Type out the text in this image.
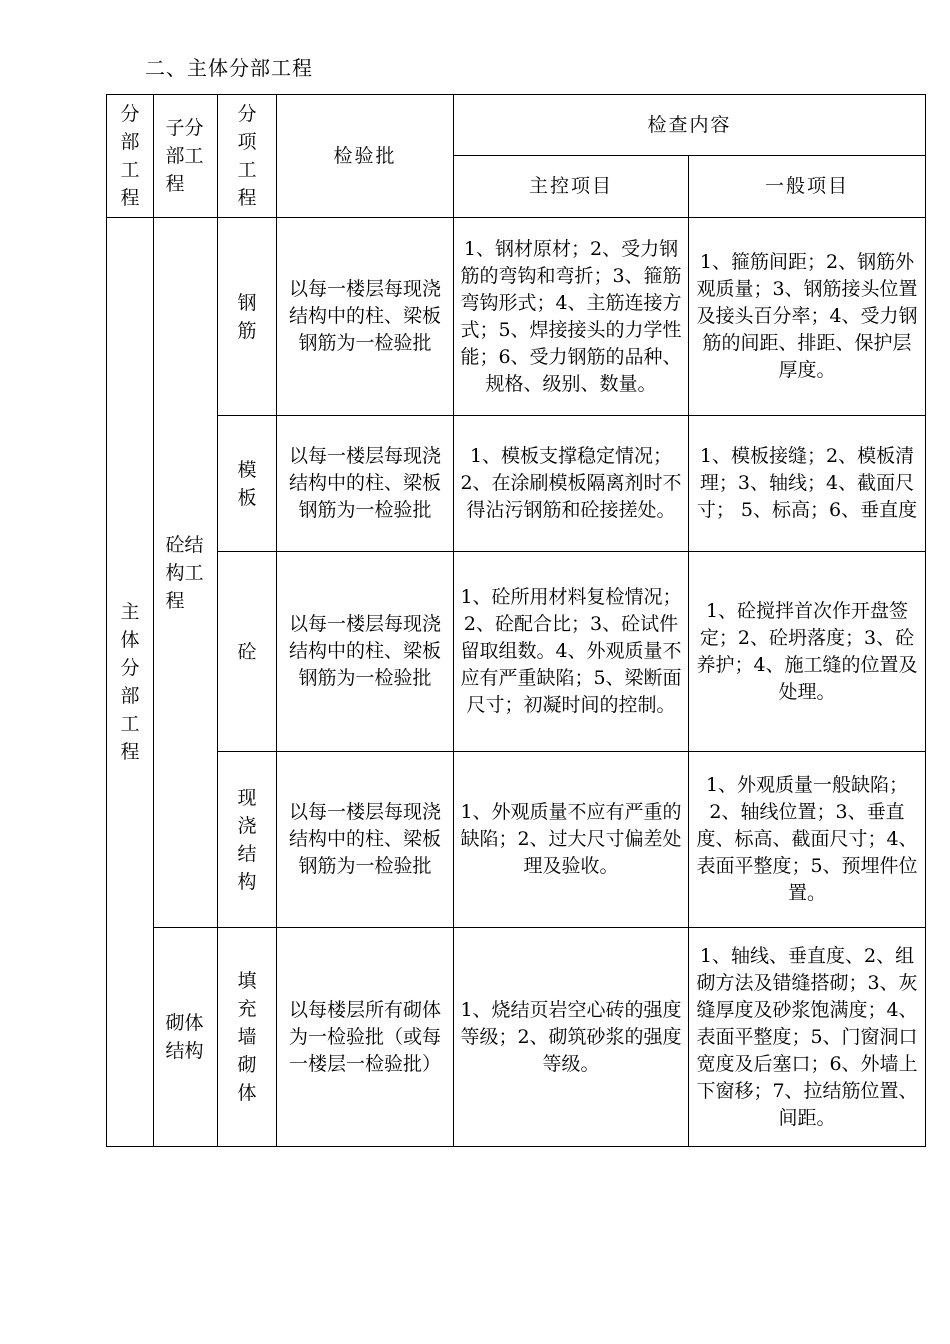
二、主体分部工程
分部工程	子分部工程	分项工程	检验批	检查内容	
				主控项目	一般项目
主体分部工程	砼结构工程	钢筋	以每一楼层每现浇结构中的柱、梁板钢筋为一检验批	1、钢材原材；2、受力钢筋的弯钩和弯折；3、箍筋弯钩形式；4、主筋连接方式；5、焊接接头的力学性能；6、受力钢筋的品种、规格、级别、数量。	1、箍筋间距；2、钢筋外观质量；3、钢筋接头位置及接头百分率；4、受力钢筋的间距、排距、保护层厚度。
		模板	以每一楼层每现浇结构中的柱、梁板钢筋为一检验批	1、模板支撑稳定情况；2、在涂刷模板隔离剂时不得沾污钢筋和砼接搓处。	1、模板接缝；2、模板清理；3、轴线；4、截面尺寸； 5、标高；6、垂直度
		砼	以每一楼层每现浇结构中的柱、梁板钢筋为一检验批	1、砼所用材料复检情况；2、砼配合比；3、砼试件留取组数。4、外观质量不应有严重缺陷；5、梁断面尺寸；初凝时间的控制。	1、砼搅拌首次作开盘签定；2、砼坍落度；3、砼养护；4、施工缝的位置及处理。
		现浇结构	以每一楼层每现浇结构中的柱、梁板钢筋为一检验批	1、外观质量不应有严重的缺陷；2、过大尺寸偏差处理及验收。	1、外观质量一般缺陷；2、轴线位置；3、垂直度、标高、截面尺寸；4、表面平整度；5、预埋件位置。
	砌体结构	填充墙砌体	以每楼层所有砌体为一检验批（或每一楼层一检验批）	1、烧结页岩空心砖的强度等级；2、砌筑砂浆的强度等级。	1、轴线、垂直度、2、组砌方法及错缝搭砌；3、灰缝厚度及砂浆饱满度；4、表面平整度；5、门窗洞口宽度及后塞口；6、外墙上下窗移；7、拉结筋位置、间距。
